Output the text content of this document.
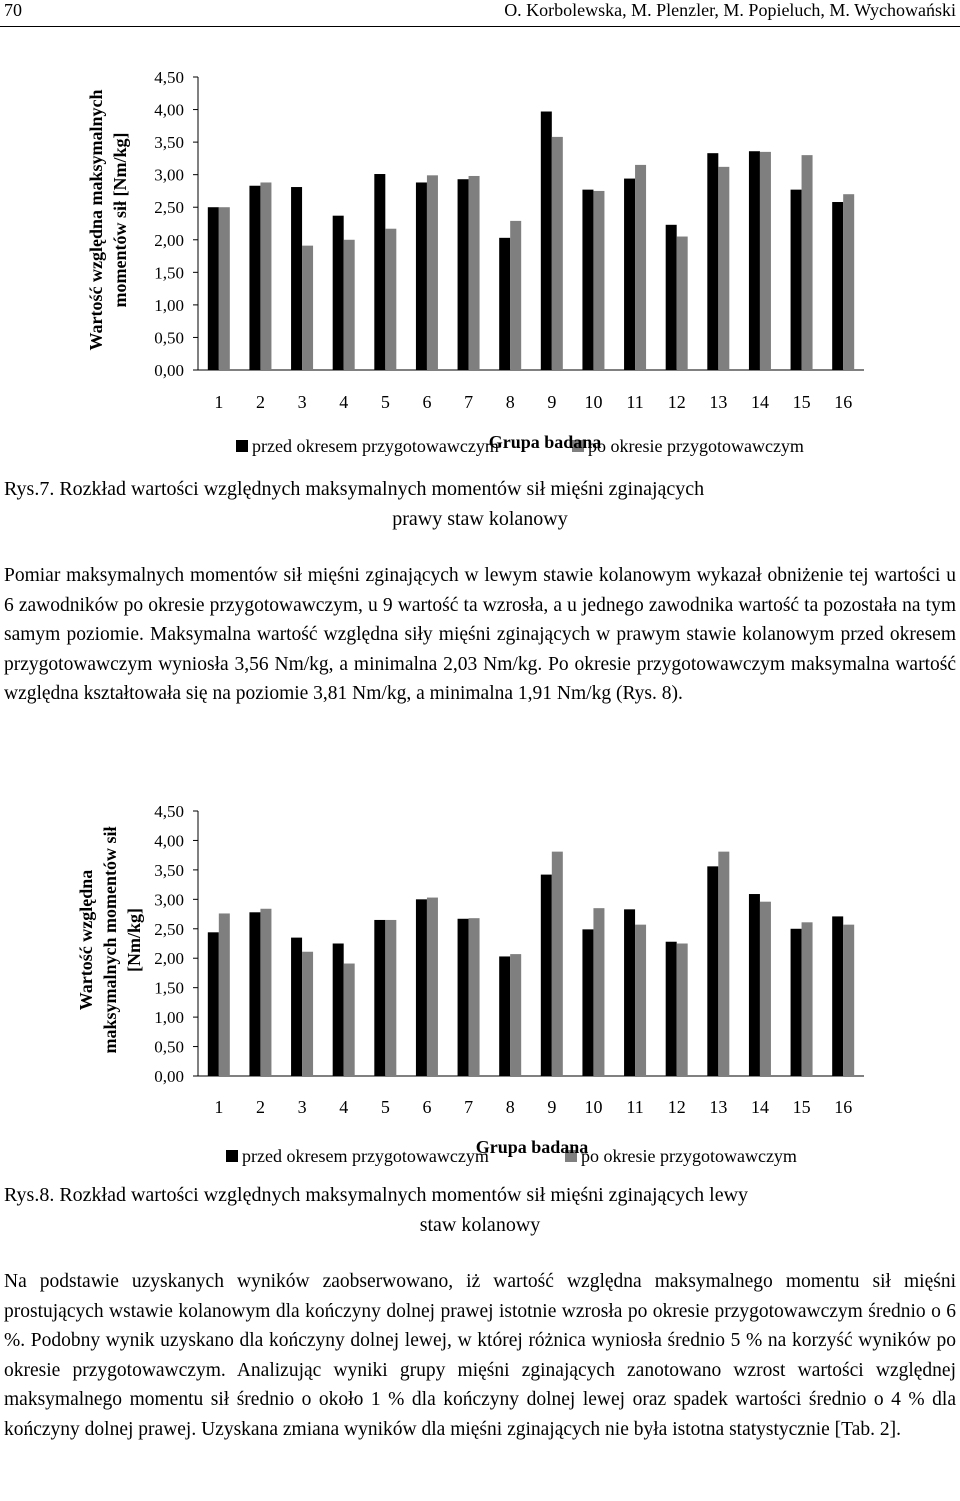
70	O. Korbolewska, M. Plenzler, M. Popieluch, M. Wychowański
0,00
0,50
1,00
1,50
2,00
2,50
3,00
3,50
4,00
4,50
1 2 3 4 5 6 7 8 9 10 11 12 13 14 15 16
Wartość względna maksymalnych momentów sił [Nm/kg]
przed okresem przygotowawczym	po okresie przygotowawczym
Grupa badana
Rys.7. Rozkład wartości względnych maksymalnych momentów sił mięśni zginających
prawy staw kolanowy

Pomiar maksymalnych momentów sił mięśni zginających w lewym stawie kolanowym wykazał obniżenie tej wartości u 6 zawodników po okresie przygotowawczym, u 9 wartość ta wzrosła, a u jednego zawodnika wartość ta pozostała na tym samym poziomie. Maksymalna wartość względna siły mięśni zginających w prawym stawie kolanowym przed okresem przygotowawczym wyniosła 3,56 Nm/kg, a minimalna 2,03 Nm/kg. Po okresie przygotowawczym maksymalna wartość względna kształtowała się na poziomie 3,81 Nm/kg, a minimalna 1,91 Nm/kg (Rys. 8).

0,00
0,50
1,00
1,50
2,00
2,50
3,00
3,50
4,00
4,50
1 2 3 4 5 6 7 8 9 10 11 12 13 14 15 16
Wartość względna maksymalnych momentów sił [Nm/kg]
przed okresem przygotowawczym	po okresie przygotowawczym
Grupa badana
Rys.8. Rozkład wartości względnych maksymalnych momentów sił mięśni zginających lewy
staw kolanowy

Na podstawie uzyskanych wyników zaobserwowano, iż wartość względna maksymalnego momentu sił mięśni prostujących wstawie kolanowym dla kończyny dolnej prawej istotnie wzrosła po okresie przygotowawczym średnio o 6 %. Podobny wynik uzyskano dla kończyny dolnej lewej, w której różnica wyniosła średnio 5 % na korzyść wyników po okresie przygotowawczym. Analizując wyniki grupy mięśni zginających zanotowano wzrost wartości względnej maksymalnego momentu sił średnio o około 1 % dla kończyny dolnej lewej oraz spadek wartości średnio o 4 % dla kończyny dolnej prawej. Uzyskana zmiana wyników dla mięśni zginających nie była istotna statystycznie [Tab. 2].
